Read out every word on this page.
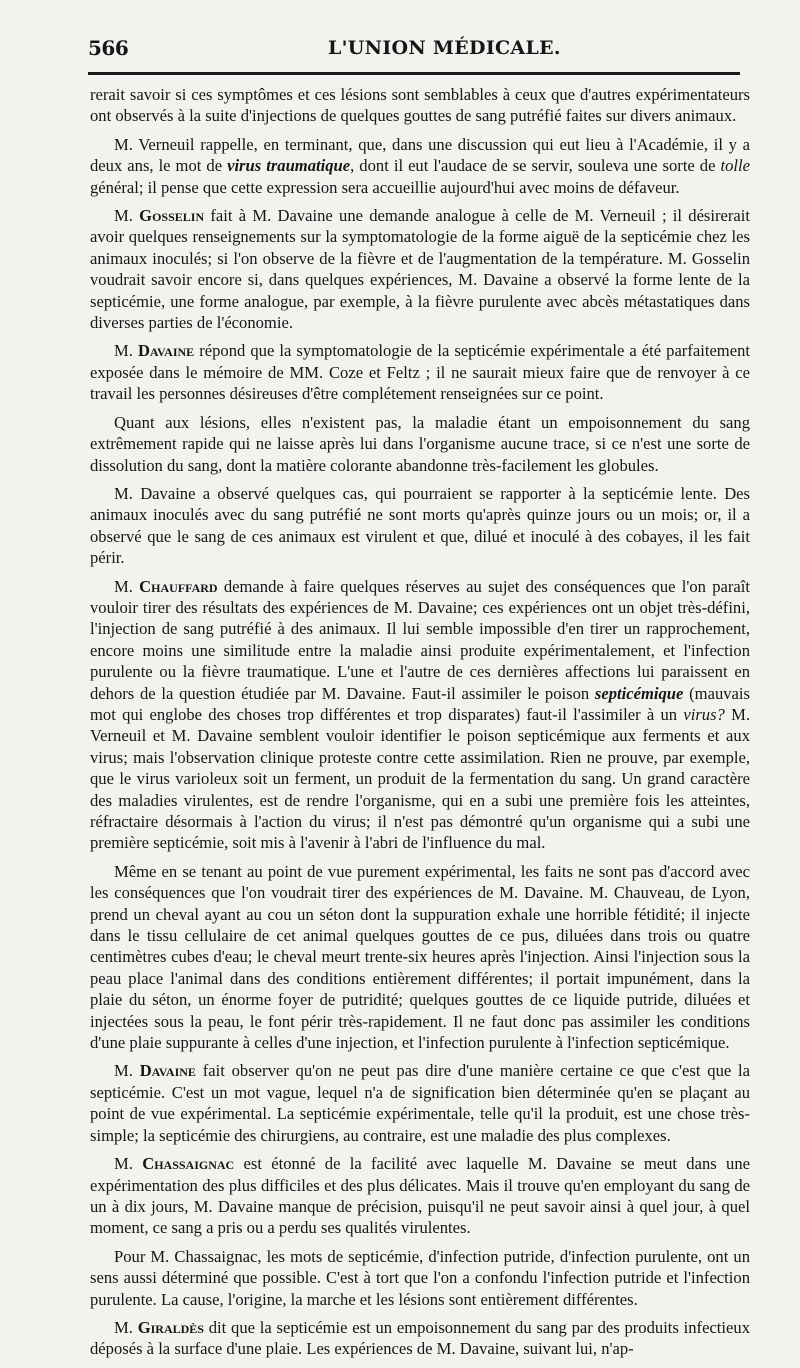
566	L'UNION MÉDICALE.

rerait savoir si ces symptômes et ces lésions sont semblables à ceux que d'autres expérimentateurs ont observés à la suite d'injections de quelques gouttes de sang putréfié faites sur divers animaux.

M. Verneuil rappelle, en terminant, que, dans une discussion qui eut lieu à l'Académie, il y a deux ans, le mot de virus traumatique, dont il eut l'audace de se servir, souleva une sorte de tolle général; il pense que cette expression sera accueillie aujourd'hui avec moins de défaveur.

M. Gosselin fait à M. Davaine une demande analogue à celle de M. Verneuil ; il désirerait avoir quelques renseignements sur la symptomatologie de la forme aiguë de la septicémie chez les animaux inoculés; si l'on observe de la fièvre et de l'augmentation de la température. M. Gosselin voudrait savoir encore si, dans quelques expériences, M. Davaine a observé la forme lente de la septicémie, une forme analogue, par exemple, à la fièvre purulente avec abcès métastatiques dans diverses parties de l'économie.

M. Davaine répond que la symptomatologie de la septicémie expérimentale a été parfaitement exposée dans le mémoire de MM. Coze et Feltz ; il ne saurait mieux faire que de renvoyer à ce travail les personnes désireuses d'être complétement renseignées sur ce point.

Quant aux lésions, elles n'existent pas, la maladie étant un empoisonnement du sang extrêmement rapide qui ne laisse après lui dans l'organisme aucune trace, si ce n'est une sorte de dissolution du sang, dont la matière colorante abandonne très-facilement les globules.

M. Davaine a observé quelques cas, qui pourraient se rapporter à la septicémie lente. Des animaux inoculés avec du sang putréfié ne sont morts qu'après quinze jours ou un mois; or, il a observé que le sang de ces animaux est virulent et que, dilué et inoculé à des cobayes, il les fait périr.

M. Chauffard demande à faire quelques réserves au sujet des conséquences que l'on paraît vouloir tirer des résultats des expériences de M. Davaine; ces expériences ont un objet très-défini, l'injection de sang putréfié à des animaux. Il lui semble impossible d'en tirer un rapprochement, encore moins une similitude entre la maladie ainsi produite expérimentalement, et l'infection purulente ou la fièvre traumatique. L'une et l'autre de ces dernières affections lui paraissent en dehors de la question étudiée par M. Davaine. Faut-il assimiler le poison septicémique (mauvais mot qui englobe des choses trop différentes et trop disparates) faut-il l'assimiler à un virus? M. Verneuil et M. Davaine semblent vouloir identifier le poison septicémique aux ferments et aux virus; mais l'observation clinique proteste contre cette assimilation. Rien ne prouve, par exemple, que le virus varioleux soit un ferment, un produit de la fermentation du sang. Un grand caractère des maladies virulentes, est de rendre l'organisme, qui en a subi une première fois les atteintes, réfractaire désormais à l'action du virus; il n'est pas démontré qu'un organisme qui a subi une première septicémie, soit mis à l'avenir à l'abri de l'influence du mal.

Même en se tenant au point de vue purement expérimental, les faits ne sont pas d'accord avec les conséquences que l'on voudrait tirer des expériences de M. Davaine. M. Chauveau, de Lyon, prend un cheval ayant au cou un séton dont la suppuration exhale une horrible fétidité; il injecte dans le tissu cellulaire de cet animal quelques gouttes de ce pus, diluées dans trois ou quatre centimètres cubes d'eau; le cheval meurt trente-six heures après l'injection. Ainsi l'injection sous la peau place l'animal dans des conditions entièrement différentes; il portait impunément, dans la plaie du séton, un énorme foyer de putridité; quelques gouttes de ce liquide putride, diluées et injectées sous la peau, le font périr très-rapidement. Il ne faut donc pas assimiler les conditions d'une plaie suppurante à celles d'une injection, et l'infection purulente à l'infection septicémique.

M. Davaine fait observer qu'on ne peut pas dire d'une manière certaine ce que c'est que la septicémie. C'est un mot vague, lequel n'a de signification bien déterminée qu'en se plaçant au point de vue expérimental. La septicémie expérimentale, telle qu'il la produit, est une chose très-simple; la septicémie des chirurgiens, au contraire, est une maladie des plus complexes.

M. Chassaignac est étonné de la facilité avec laquelle M. Davaine se meut dans une expérimentation des plus difficiles et des plus délicates. Mais il trouve qu'en employant du sang de un à dix jours, M. Davaine manque de précision, puisqu'il ne peut savoir ainsi à quel jour, à quel moment, ce sang a pris ou a perdu ses qualités virulentes.

Pour M. Chassaignac, les mots de septicémie, d'infection putride, d'infection purulente, ont un sens aussi déterminé que possible. C'est à tort que l'on a confondu l'infection putride et l'infection purulente. La cause, l'origine, la marche et les lésions sont entièrement différentes.

M. Giraldès dit que la septicémie est un empoisonnement du sang par des produits infectieux déposés à la surface d'une plaie. Les expériences de M. Davaine, suivant lui, n'ap-
